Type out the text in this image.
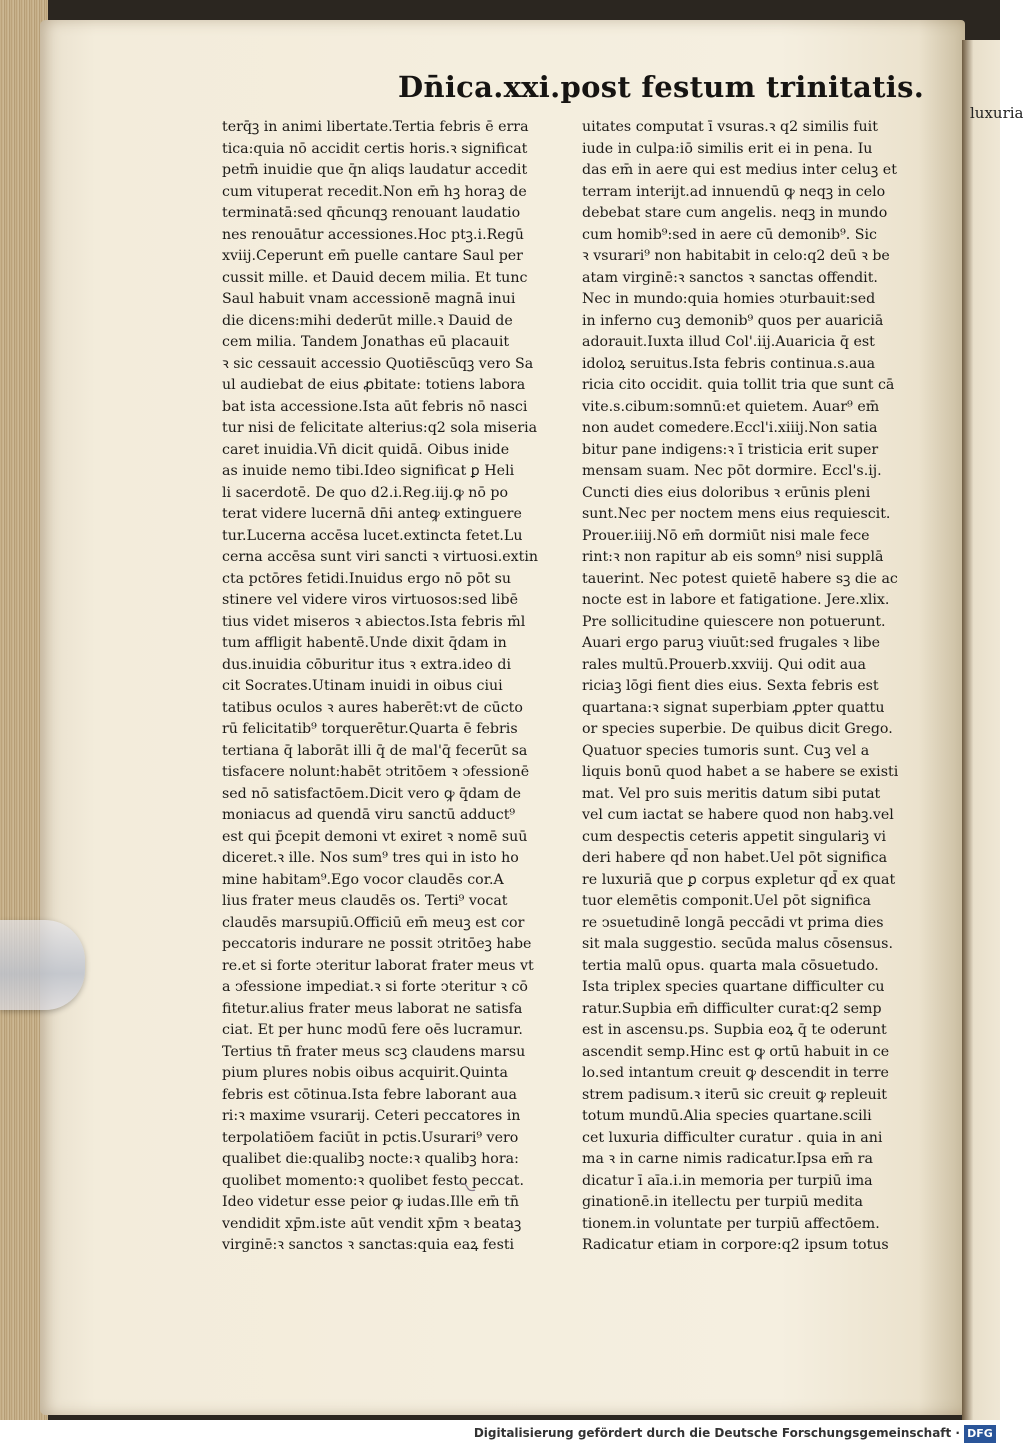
luxuria
Dn̄ica.xxi.post festum trinitatis.
terq̄ꝫ in animi libertate.Tertia febris ē erra
tica:quia nō accidit certis horis.ꝛ significat
petm̄ inuidie que q̄n aliqs laudatur accedit
cum vituperat recedit.Non em̄ hꝫ horaꝫ de
terminatā:sed qn̄cunqꝫ renouant laudatio
nes renouātur accessiones.Hoc ptꝫ.i.Regū
xviij.Ceperunt em̄ puelle cantare Saul per
cussit mille. et Dauid decem milia. Et tunc
Saul habuit vnam accessionē magnā inui
die dicens:mihi dederūt mille.ꝛ Dauid de
cem milia. Tandem Jonathas eū placauit
ꝛ sic cessauit accessio Quotiēscūqꝫ vero Sa
ul audiebat de eius ꝓbitate: totiens labora
bat ista accessione.Ista aūt febris nō nasci
tur nisi de felicitate alterius:q2 sola miseria
caret inuidia.Vn̄ dicit quidā. Oibus inide
as inuide nemo tibi.Ideo significat ꝑ Heli
li sacerdotē. De quo d2.i.Reg.iij.ꝙ nō po
terat videre lucernā dn̄i anteꝙ extinguere
tur.Lucerna accēsa lucet.extincta fetet.Lu
cerna accēsa sunt viri sancti ꝛ virtuosi.extin
cta pctōres fetidi.Inuidus ergo nō pōt su
stinere vel videre viros virtuosos:sed libē
tius videt miseros ꝛ abiectos.Ista febris m̄l
tum affligit habentē.Unde dixit q̄dam in
dus.inuidia cōburitur itus ꝛ extra.ideo di
cit Socrates.Utinam inuidi in oibus ciui
tatibus oculos ꝛ aures haberēt:vt de cūcto
rū felicitatib⁹ torquerētur.Quarta ē febris
tertiana q̄ laborāt illi q̄ de mal'q̄ fecerūt sa
tisfacere nolunt:habēt ↄtritōem ꝛ ↄfessionē
sed nō satisfactōem.Dicit vero ꝙ q̄dam de
moniacus ad quendā viru sanctū adduct⁹
est qui p̄cepit demoni vt exiret ꝛ nomē suū
diceret.ꝛ ille. Nos sum⁹ tres qui in isto ho
mine habitam⁹.Ego vocor claudēs cor.A
lius frater meus claudēs os. Terti⁹ vocat
claudēs marsupiū.Officiū em̄ meuꝫ est cor
peccatoris indurare ne possit ↄtritōeꝫ habe
re.et si forte ↄteritur laborat frater meus vt
a ↄfessione impediat.ꝛ si forte ↄteritur ꝛ cō
fitetur.alius frater meus laborat ne satisfa
ciat. Et per hunc modū fere oēs lucramur.
Tertius tn̄ frater meus scꝫ claudens marsu
pium plures nobis oibus acquirit.Quinta
febris est cōtinua.Ista febre laborant aua
ri:ꝛ maxime vsurarij. Ceteri peccatores in
terpolatiōem faciūt in pctis.Usurari⁹ vero
qualibet die:qualibꝫ nocte:ꝛ qualibꝫ hora:
quolibet momento:ꝛ quolibet festo peccat.
Ideo videtur esse peior ꝙ iudas.Ille em̄ tn̄
vendidit xp̄m.iste aūt vendit xp̄m ꝛ beataꝫ
virginē:ꝛ sanctos ꝛ sanctas:quia eaꝝ festi
uitates computat ī vsuras.ꝛ q2 similis fuit
iude in culpa:iō similis erit ei in pena. Iu
das em̄ in aere qui est medius inter celuꝫ et
terram interijt.ad innuendū ꝙ neqꝫ in celo
debebat stare cum angelis. neqꝫ in mundo
cum homib⁹:sed in aere cū demonib⁹. Sic
ꝛ vsurari⁹ non habitabit in celo:q2 deū ꝛ be
atam virginē:ꝛ sanctos ꝛ sanctas offendit.
Nec in mundo:quia homies ↄturbauit:sed
in inferno cuꝫ demonib⁹ quos per auariciā
adorauit.Iuxta illud Col'.iij.Auaricia q̄ est
idoloꝝ seruitus.Ista febris continua.s.aua
ricia cito occidit. quia tollit tria que sunt cā
vite.s.cibum:somnū:et quietem. Auar⁹ em̄
non audet comedere.Eccl'i.xiiij.Non satia
bitur pane indigens:ꝛ ī tristicia erit super
mensam suam. Nec pōt dormire. Eccl's.ij.
Cuncti dies eius doloribus ꝛ erūnis pleni
sunt.Nec per noctem mens eius requiescit.
Prouer.iiij.Nō em̄ dormiūt nisi male fece
rint:ꝛ non rapitur ab eis somn⁹ nisi supplā
tauerint. Nec potest quietē habere sꝫ die ac
nocte est in labore et fatigatione. Jere.xlix.
Pre sollicitudine quiescere non potuerunt.
Auari ergo paruꝫ viuūt:sed frugales ꝛ libe
rales multū.Prouerb.xxviij. Qui odit aua
riciaꝫ lōgi fient dies eius. Sexta febris est
quartana:ꝛ signat superbiam ꝓpter quattu
or species superbie. De quibus dicit Grego.
Quatuor species tumoris sunt. Cuꝫ vel a
liquis bonū quod habet a se habere se existi
mat. Vel pro suis meritis datum sibi putat
vel cum iactat se habere quod non habꝫ.vel
cum despectis ceteris appetit singulariꝫ vi
deri habere qd̄ non habet.Uel pōt significa
re luxuriā que ꝑ corpus expletur qd̄ ex quat
tuor elemētis componit.Uel pōt significa
re ↄsuetudinē longā peccādi vt prima dies
sit mala suggestio. secūda malus cōsensus.
tertia malū opus. quarta mala cōsuetudo.
Ista triplex species quartane difficulter cu
ratur.Supbia em̄ difficulter curat:q2 semp
est in ascensu.ps. Supbia eoꝝ q̄ te oderunt
ascendit semp.Hinc est ꝙ ortū habuit in ce
lo.sed intantum creuit ꝙ descendit in terre
strem padisum.ꝛ iterū sic creuit ꝙ repleuit
totum mundū.Alia species quartane.scili
cet luxuria difficulter curatur . quia in ani
ma ꝛ in carne nimis radicatur.Ipsa em̄ ra
dicatur ī aīa.i.in memoria per turpiū ima
ginationē.in itellectu per turpiū medita
tionem.in voluntate per turpiū affectōem.
Radicatur etiam in corpore:q2 ipsum totus
Digitalisierung gefördert durch die Deutsche Forschungsgemeinschaft · DFG
